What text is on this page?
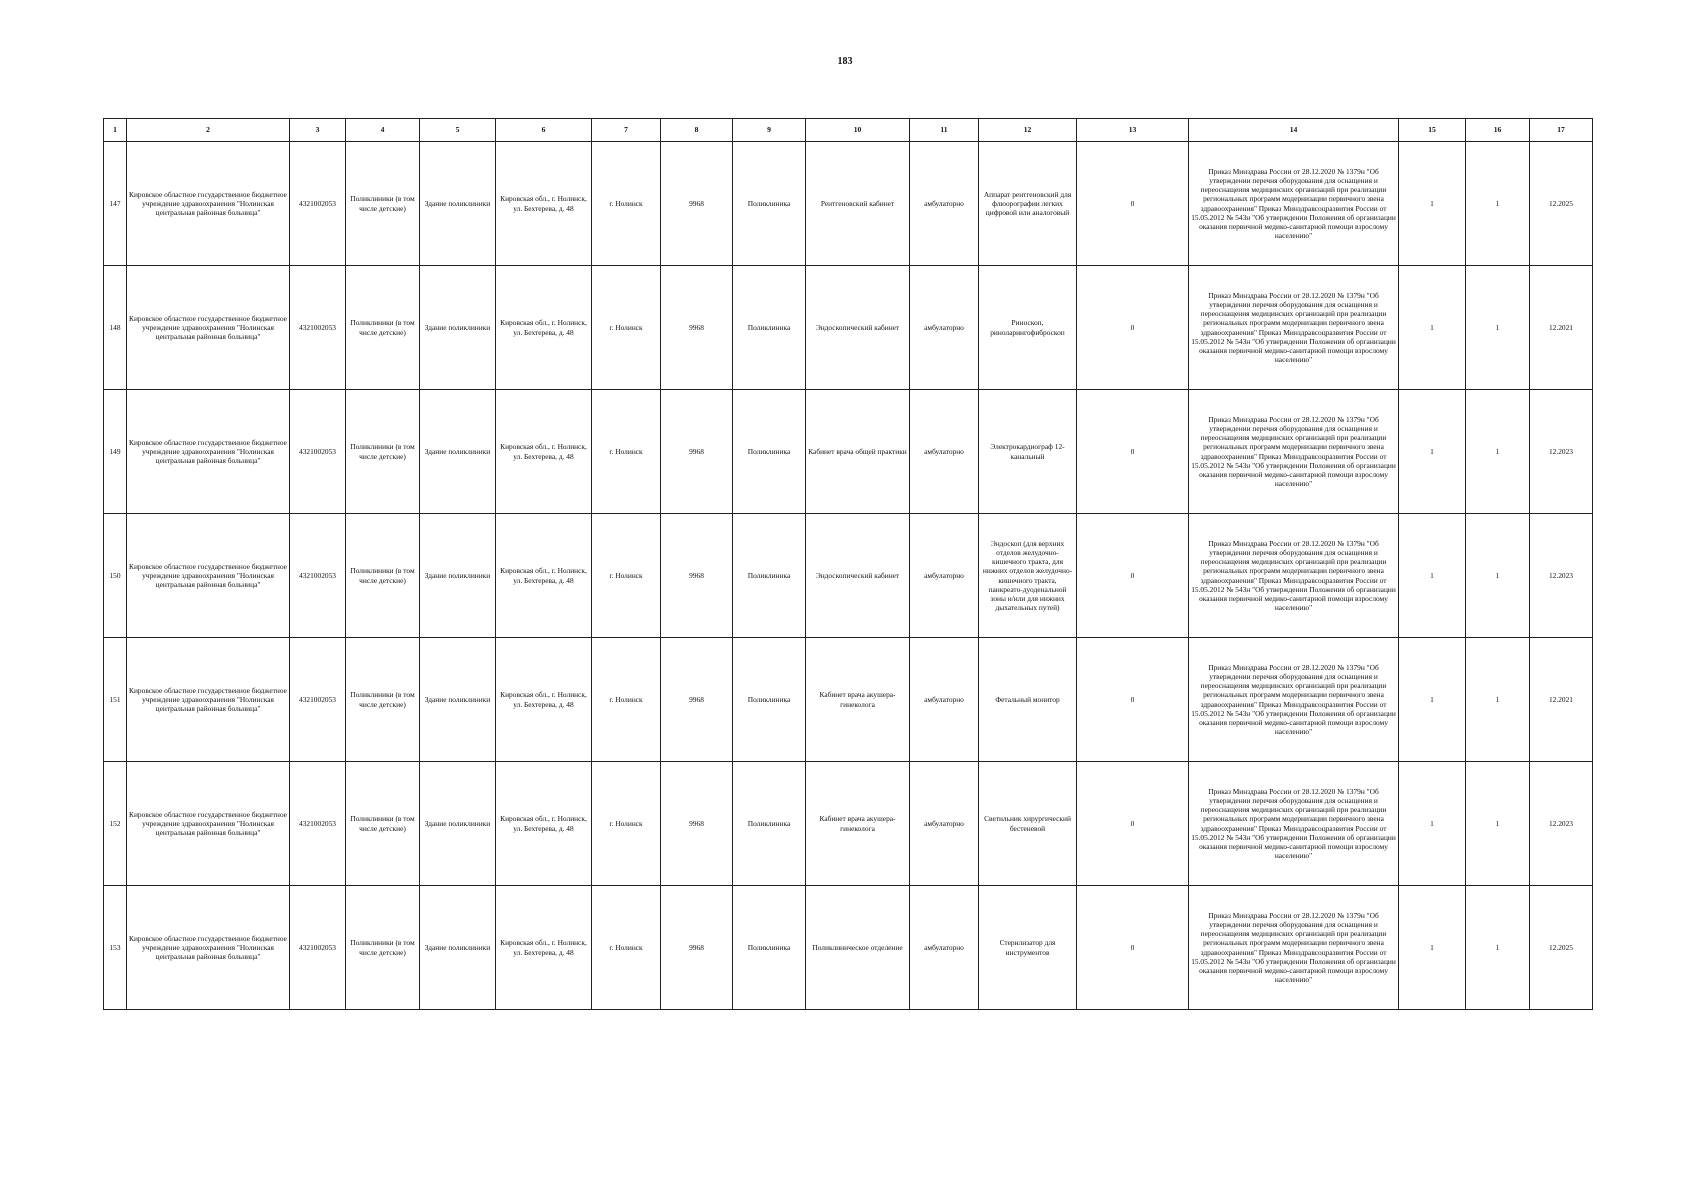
183
1	2	3	4	5	6	7	8	9	10	11	12	13	14	15	16	17
147	Кировское областное государственное бюджетное учреждение здравоохранения "Нолинская центральная районная больница"	4321002053	Поликлиники (в том числе детские)	Здание поликлиники	Кировская обл., г. Нолинск, ул. Бехтерева, д. 48	г. Нолинск	9968	Поликлиника	Рентгеновский кабинет	амбулаторно	Аппарат рентгеновский для флюорографии легких цифровой или аналоговый	0	Приказ Минздрава России от 28.12.2020 № 1379н "Об утверждении перечня оборудования для оснащения и переоснащения медицинских организаций при реализации региональных программ модернизации первичного звена здравоохранения" Приказ Минздравсоцразвития России от 15.05.2012 № 543н "Об утверждении Положения об организации оказания первичной медико-санитарной помощи взрослому населению"	1	1	12.2025
148	Кировское областное государственное бюджетное учреждение здравоохранения "Нолинская центральная районная больница"	4321002053	Поликлиники (в том числе детские)	Здание поликлиники	Кировская обл., г. Нолинск, ул. Бехтерева, д. 48	г. Нолинск	9968	Поликлиника	Эндоскопический кабинет	амбулаторно	Риноскоп, риноларингофиброскоп	0	Приказ Минздрава России от 28.12.2020 № 1379н "Об утверждении перечня оборудования для оснащения и переоснащения медицинских организаций при реализации региональных программ модернизации первичного звена здравоохранения" Приказ Минздравсоцразвития России от 15.05.2012 № 543н "Об утверждении Положения об организации оказания первичной медико-санитарной помощи взрослому населению"	1	1	12.2021
149	Кировское областное государственное бюджетное учреждение здравоохранения "Нолинская центральная районная больница"	4321002053	Поликлиники (в том числе детские)	Здание поликлиники	Кировская обл., г. Нолинск, ул. Бехтерева, д. 48	г. Нолинск	9968	Поликлиника	Кабинет врача общей практики	амбулаторно	Электрокардиограф 12-канальный	0	Приказ Минздрава России от 28.12.2020 № 1379н "Об утверждении перечня оборудования для оснащения и переоснащения медицинских организаций при реализации региональных программ модернизации первичного звена здравоохранения" Приказ Минздравсоцразвития России от 15.05.2012 № 543н "Об утверждении Положения об организации оказания первичной медико-санитарной помощи взрослому населению"	1	1	12.2023
150	Кировское областное государственное бюджетное учреждение здравоохранения "Нолинская центральная районная больница"	4321002053	Поликлиники (в том числе детские)	Здание поликлиники	Кировская обл., г. Нолинск, ул. Бехтерева, д. 48	г. Нолинск	9968	Поликлиника	Эндоскопический кабинет	амбулаторно	Эндоскоп (для верхних отделов желудочно-кишечного тракта, для нижних отделов желудочно-кишечного тракта, панкреато-дуоденальной зоны и/или для нижних дыхательных путей)	0	Приказ Минздрава России от 28.12.2020 № 1379н "Об утверждении перечня оборудования для оснащения и переоснащения медицинских организаций при реализации региональных программ модернизации первичного звена здравоохранения" Приказ Минздравсоцразвития России от 15.05.2012 № 543н "Об утверждении Положения об организации оказания первичной медико-санитарной помощи взрослому населению"	1	1	12.2023
151	Кировское областное государственное бюджетное учреждение здравоохранения "Нолинская центральная районная больница"	4321002053	Поликлиники (в том числе детские)	Здание поликлиники	Кировская обл., г. Нолинск, ул. Бехтерева, д. 48	г. Нолинск	9968	Поликлиника	Кабинет врача акушера-гинеколога	амбулаторно	Фетальный монитор	0	Приказ Минздрава России от 28.12.2020 № 1379н "Об утверждении перечня оборудования для оснащения и переоснащения медицинских организаций при реализации региональных программ модернизации первичного звена здравоохранения" Приказ Минздравсоцразвития России от 15.05.2012 № 543н "Об утверждении Положения об организации оказания первичной медико-санитарной помощи взрослому населению"	1	1	12.2021
152	Кировское областное государственное бюджетное учреждение здравоохранения "Нолинская центральная районная больница"	4321002053	Поликлиники (в том числе детские)	Здание поликлиники	Кировская обл., г. Нолинск, ул. Бехтерева, д. 48	г. Нолинск	9968	Поликлиника	Кабинет врача акушера-гинеколога	амбулаторно	Светильник хирургический бестеневой	0	Приказ Минздрава России от 28.12.2020 № 1379н "Об утверждении перечня оборудования для оснащения и переоснащения медицинских организаций при реализации региональных программ модернизации первичного звена здравоохранения" Приказ Минздравсоцразвития России от 15.05.2012 № 543н "Об утверждении Положения об организации оказания первичной медико-санитарной помощи взрослому населению"	1	1	12.2023
153	Кировское областное государственное бюджетное учреждение здравоохранения "Нолинская центральная районная больница"	4321002053	Поликлиники (в том числе детские)	Здание поликлиники	Кировская обл., г. Нолинск, ул. Бехтерева, д. 48	г. Нолинск	9968	Поликлиника	Поликлиническое отделение	амбулаторно	Стерилизатор для инструментов	0	Приказ Минздрава России от 28.12.2020 № 1379н "Об утверждении перечня оборудования для оснащения и переоснащения медицинских организаций при реализации региональных программ модернизации первичного звена здравоохранения" Приказ Минздравсоцразвития России от 15.05.2012 № 543н "Об утверждении Положения об организации оказания первичной медико-санитарной помощи взрослому населению"	1	1	12.2025
